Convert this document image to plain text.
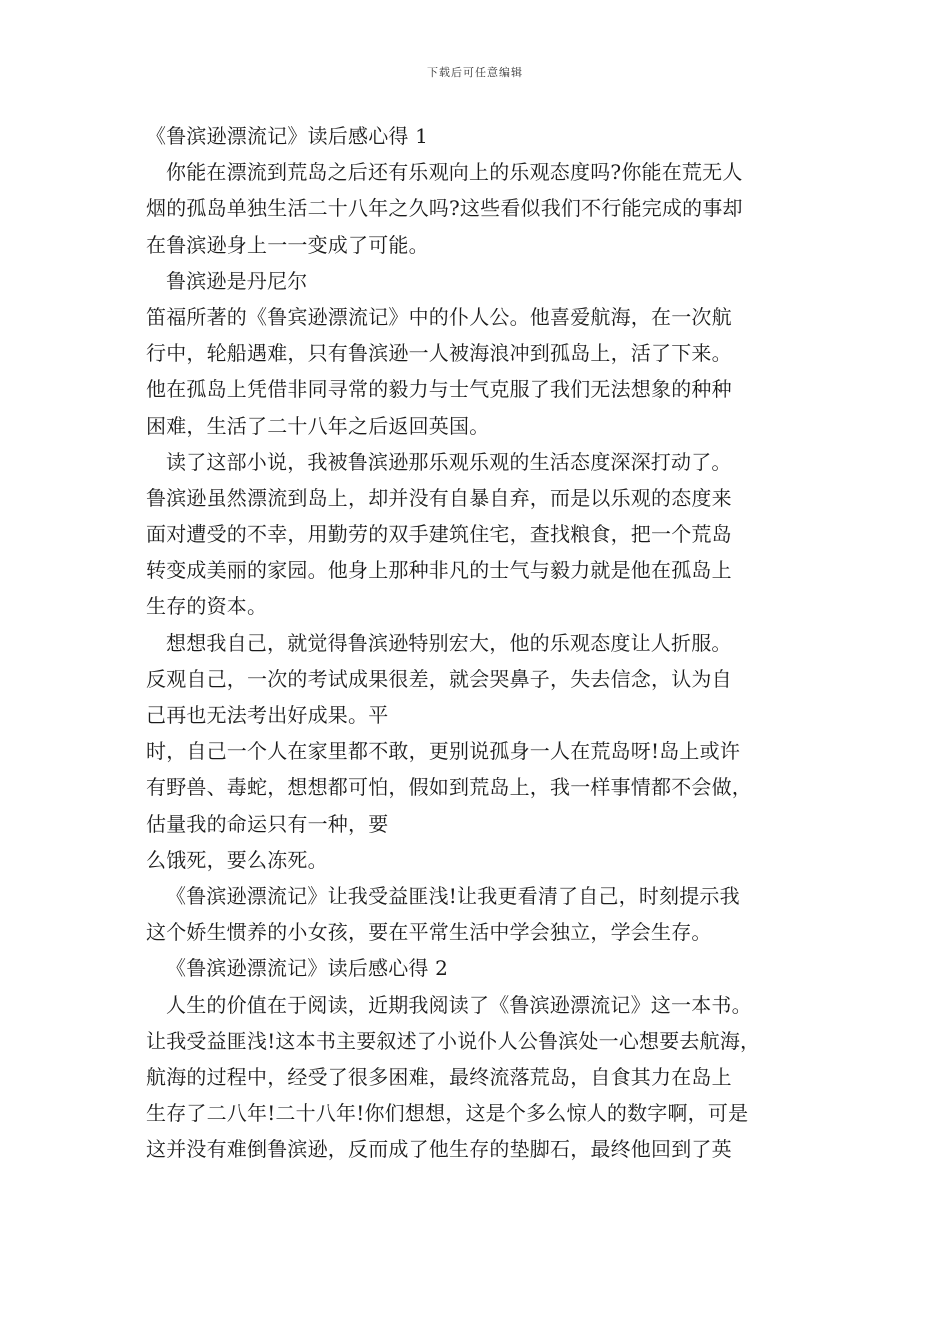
下载后可任意编辑
《鲁滨逊漂流记》读后感心得 1
你能在漂流到荒岛之后还有乐观向上的乐观态度吗?你能在荒无人
烟的孤岛单独生活二十八年之久吗?这些看似我们不行能完成的事却
在鲁滨逊身上一一变成了可能。
鲁滨逊是丹尼尔
笛福所著的《鲁宾逊漂流记》中的仆人公。他喜爱航海，在一次航
行中，轮船遇难，只有鲁滨逊一人被海浪冲到孤岛上，活了下来。
他在孤岛上凭借非同寻常的毅力与士气克服了我们无法想象的种种
困难，生活了二十八年之后返回英国。
读了这部小说，我被鲁滨逊那乐观乐观的生活态度深深打动了。
鲁滨逊虽然漂流到岛上，却并没有自暴自弃，而是以乐观的态度来
面对遭受的不幸，用勤劳的双手建筑住宅，查找粮食，把一个荒岛
转变成美丽的家园。他身上那种非凡的士气与毅力就是他在孤岛上
生存的资本。
想想我自己，就觉得鲁滨逊特别宏大，他的乐观态度让人折服。
反观自己，一次的考试成果很差，就会哭鼻子，失去信念，认为自
己再也无法考出好成果。平
时，自己一个人在家里都不敢，更别说孤身一人在荒岛呀!岛上或许
有野兽、毒蛇，想想都可怕，假如到荒岛上，我一样事情都不会做，
估量我的命运只有一种，要
么饿死，要么冻死。
《鲁滨逊漂流记》让我受益匪浅!让我更看清了自己，时刻提示我
这个娇生惯养的小女孩，要在平常生活中学会独立，学会生存。
《鲁滨逊漂流记》读后感心得 2
人生的价值在于阅读，近期我阅读了《鲁滨逊漂流记》这一本书。
让我受益匪浅!这本书主要叙述了小说仆人公鲁滨处一心想要去航海，
航海的过程中，经受了很多困难，最终流落荒岛，自食其力在岛上
生存了二八年!二十八年!你们想想，这是个多么惊人的数字啊，可是
这并没有难倒鲁滨逊，反而成了他生存的垫脚石，最终他回到了英
